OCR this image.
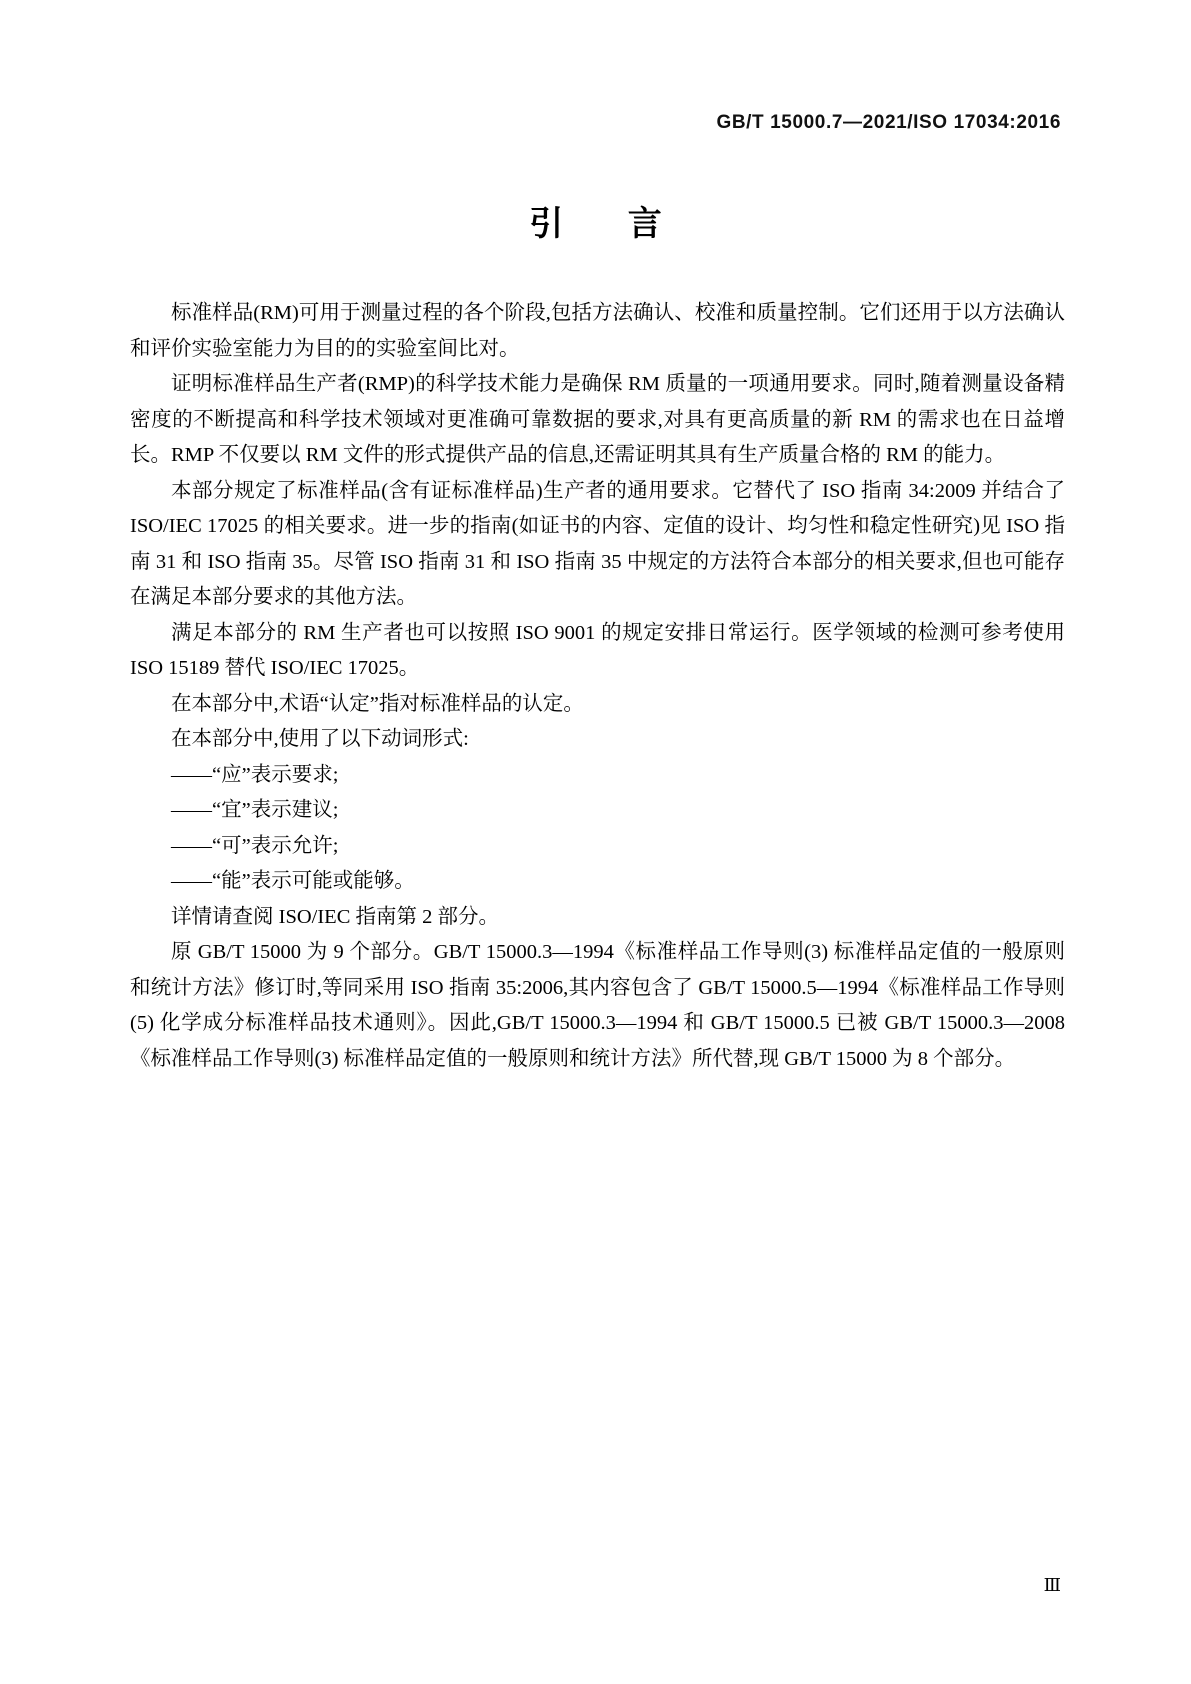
GB/T 15000.7—2021/ISO 17034:2016
引 言

标准样品(RM)可用于测量过程的各个阶段,包括方法确认、校准和质量控制。它们还用于以方法确认和评价实验室能力为目的的实验室间比对。

证明标准样品生产者(RMP)的科学技术能力是确保 RM 质量的一项通用要求。同时,随着测量设备精密度的不断提高和科学技术领域对更准确可靠数据的要求,对具有更高质量的新 RM 的需求也在日益增长。RMP 不仅要以 RM 文件的形式提供产品的信息,还需证明其具有生产质量合格的 RM 的能力。

本部分规定了标准样品(含有证标准样品)生产者的通用要求。它替代了 ISO 指南 34:2009 并结合了 ISO/IEC 17025 的相关要求。进一步的指南(如证书的内容、定值的设计、均匀性和稳定性研究)见 ISO 指南 31 和 ISO 指南 35。尽管 ISO 指南 31 和 ISO 指南 35 中规定的方法符合本部分的相关要求,但也可能存在满足本部分要求的其他方法。

满足本部分的 RM 生产者也可以按照 ISO 9001 的规定安排日常运行。医学领域的检测可参考使用 ISO 15189 替代 ISO/IEC 17025。

在本部分中,术语“认定”指对标准样品的认定。

在本部分中,使用了以下动词形式:

——“应”表示要求;

——“宜”表示建议;

——“可”表示允许;

——“能”表示可能或能够。

详情请查阅 ISO/IEC 指南第 2 部分。

原 GB/T 15000 为 9 个部分。GB/T 15000.3—1994《标准样品工作导则(3) 标准样品定值的一般原则和统计方法》修订时,等同采用 ISO 指南 35:2006,其内容包含了 GB/T 15000.5—1994《标准样品工作导则(5) 化学成分标准样品技术通则》。因此,GB/T 15000.3—1994 和 GB/T 15000.5 已被 GB/T 15000.3—2008《标准样品工作导则(3) 标准样品定值的一般原则和统计方法》所代替,现 GB/T 15000 为 8 个部分。

Ⅲ
